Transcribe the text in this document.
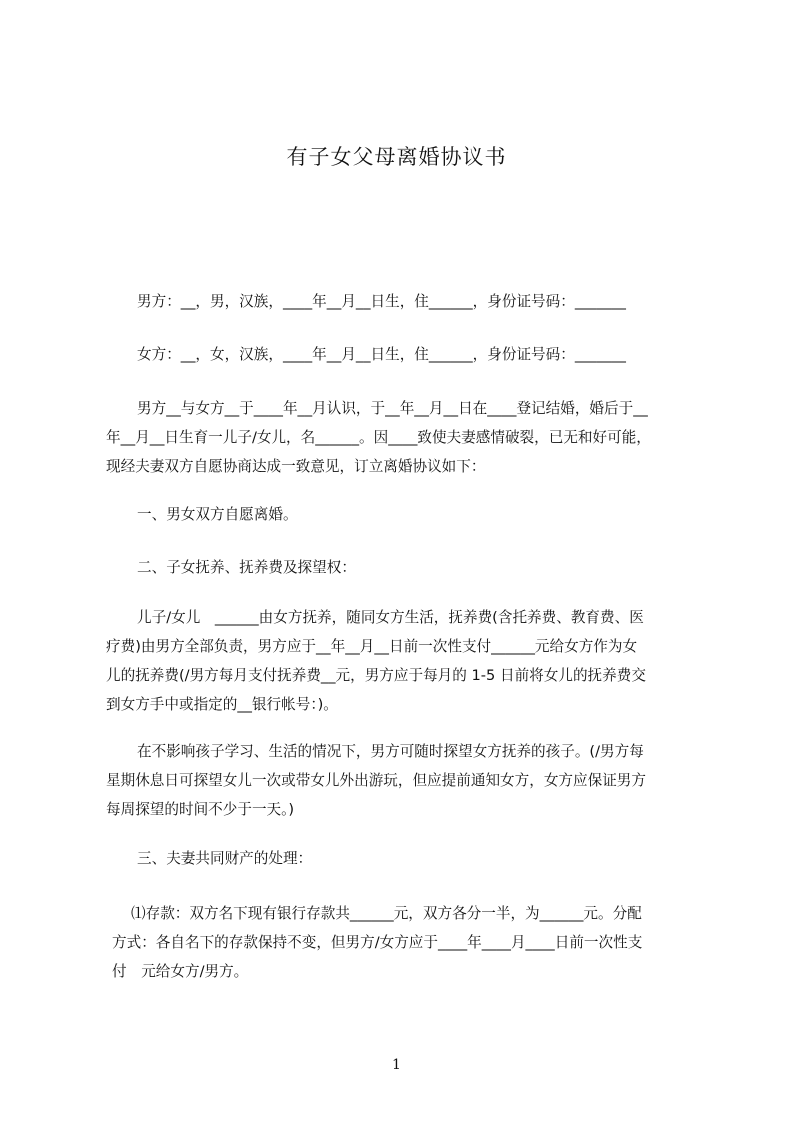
有子女父母离婚协议书
男方：__，男，汉族，____年__月__日生，住______，身份证号码：_______
女方：__，女，汉族，____年__月__日生，住______，身份证号码：_______
男方__与女方__于____年__月认识，于__年__月__日在____登记结婚，婚后于__
年__月__日生育一儿子/女儿，名______。因____致使夫妻感情破裂，已无和好可能，
现经夫妻双方自愿协商达成一致意见，订立离婚协议如下：
一、男女双方自愿离婚。
二、子女抚养、抚养费及探望权：
儿子/女儿　______由女方抚养，随同女方生活，抚养费(含托养费、教育费、医
疗费)由男方全部负责，男方应于__年__月__日前一次性支付______元给女方作为女
儿的抚养费(/男方每月支付抚养费__元，男方应于每月的 1-5 日前将女儿的抚养费交
到女方手中或指定的__银行帐号：)。
在不影响孩子学习、生活的情况下，男方可随时探望女方抚养的孩子。(/男方每
星期休息日可探望女儿一次或带女儿外出游玩，但应提前通知女方，女方应保证男方
每周探望的时间不少于一天。)
三、夫妻共同财产的处理：
⑴存款：双方名下现有银行存款共______元，双方各分一半，为______元。分配
方式：各自名下的存款保持不变，但男方/女方应于____年____月____日前一次性支
付　元给女方/男方。
1
